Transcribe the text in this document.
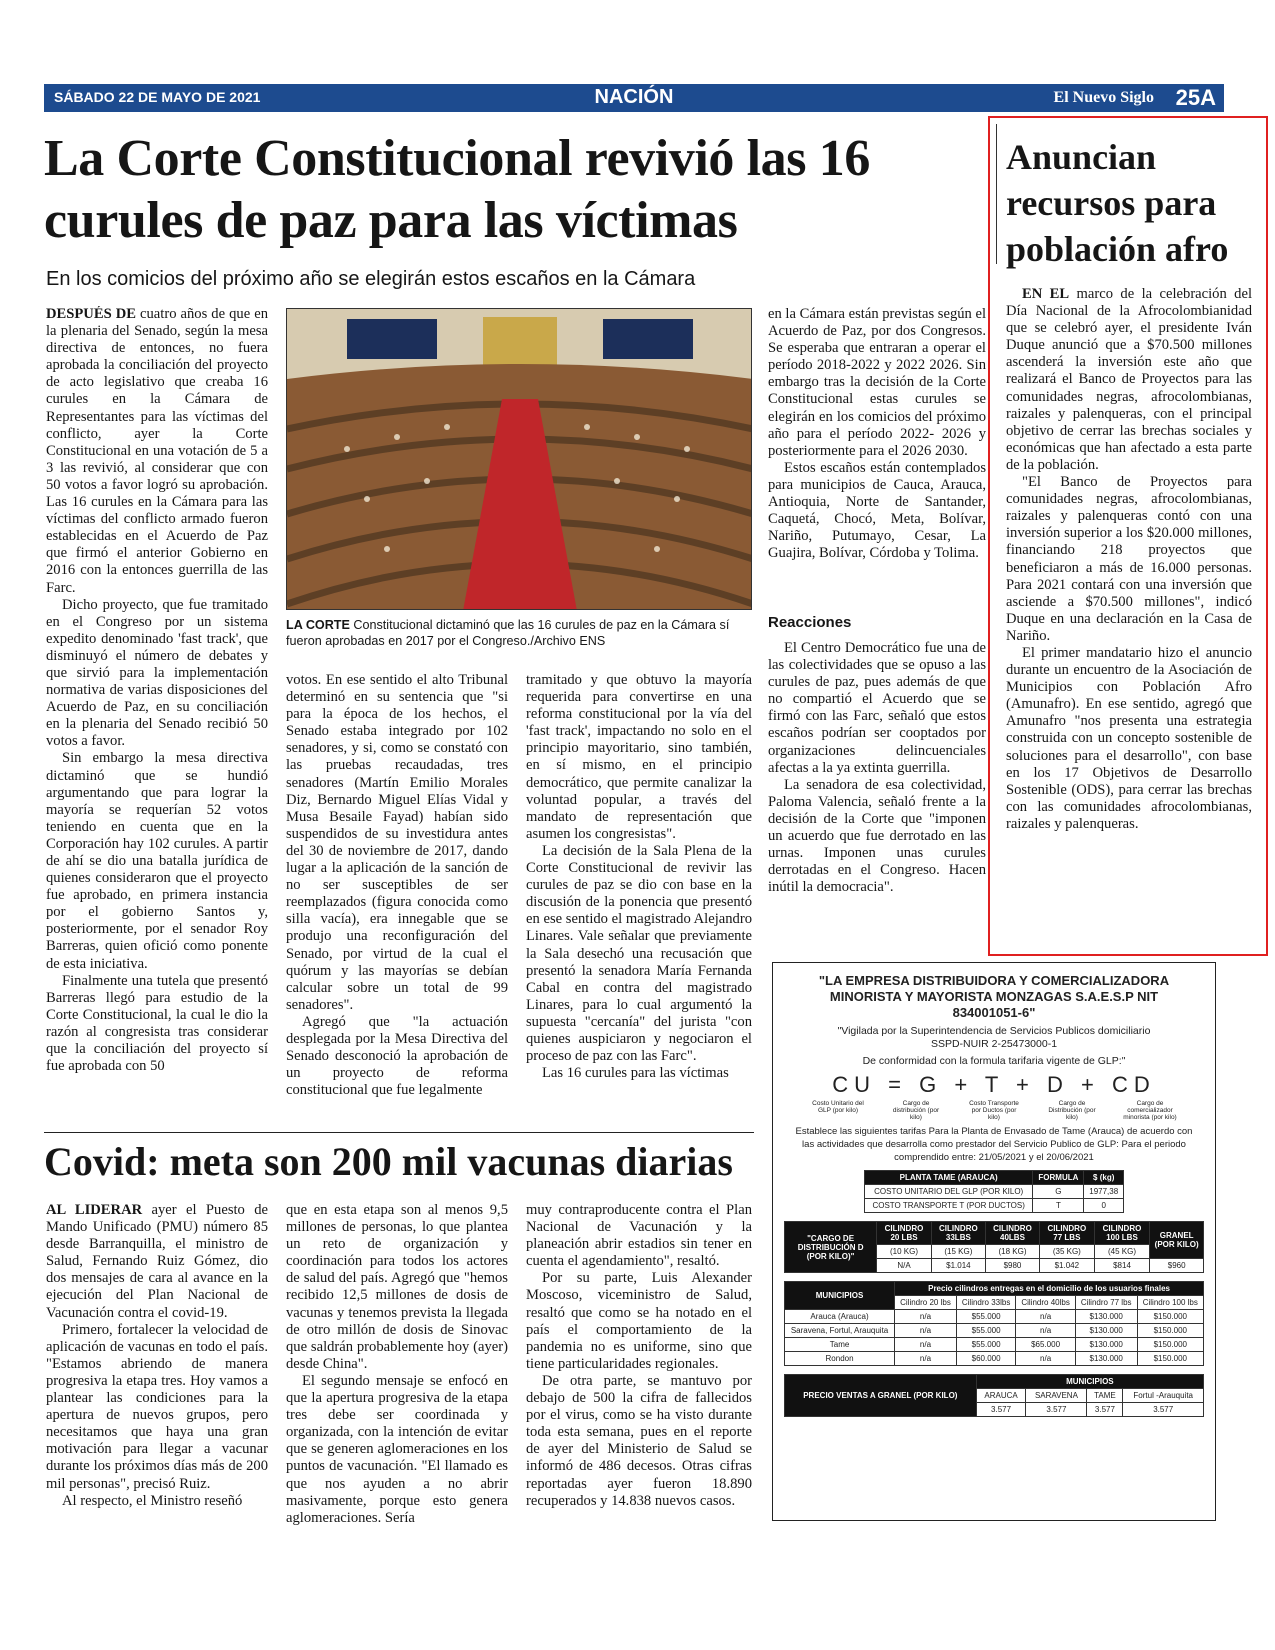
SÁBADO 22 DE MAYO DE 2021	NACIÓN	El Nuevo Siglo 25A
La Corte Constitucional revivió las 16 curules de paz para las víctimas
En los comicios del próximo año se elegirán estos escaños en la Cámara

DESPUÉS DE cuatro años de que en la plenaria del Senado, según la mesa directiva de entonces, no fuera aprobada la conciliación del proyecto de acto legislativo que creaba 16 curules en la Cámara de Representantes para las víctimas del conflicto, ayer la Corte Constitucional en una votación de 5 a 3 las revivió, al considerar que con 50 votos a favor logró su aprobación. Las 16 curules en la Cámara para las víctimas del conflicto armado fueron establecidas en el Acuerdo de Paz que firmó el anterior Gobierno en 2016 con la entonces guerrilla de las Farc.

Dicho proyecto, que fue tramitado en el Congreso por un sistema expedito denominado 'fast track', que disminuyó el número de debates y que sirvió para la implementación normativa de varias disposiciones del Acuerdo de Paz, en su conciliación en la plenaria del Senado recibió 50 votos a favor.

Sin embargo la mesa directiva dictaminó que se hundió argumentando que para lograr la mayoría se requerían 52 votos teniendo en cuenta que en la Corporación hay 102 curules. A partir de ahí se dio una batalla jurídica de quienes consideraron que el proyecto fue aprobado, en primera instancia por el gobierno Santos y, posteriormente, por el senador Roy Barreras, quien ofició como ponente de esta iniciativa.

Finalmente una tutela que presentó Barreras llegó para estudio de la Corte Constitucional, la cual le dio la razón al congresista tras considerar que la conciliación del proyecto sí fue aprobada con 50

LA CORTE Constitucional dictaminó que las 16 curules de paz en la Cámara sí fueron aprobadas en 2017 por el Congreso./Archivo ENS

votos. En ese sentido el alto Tribunal determinó en su sentencia que "si para la época de los hechos, el Senado estaba integrado por 102 senadores, y si, como se constató con las pruebas recaudadas, tres senadores (Martín Emilio Morales Diz, Bernardo Miguel Elías Vidal y Musa Besaile Fayad) habían sido suspendidos de su investidura antes del 30 de noviembre de 2017, dando lugar a la aplicación de la sanción de no ser susceptibles de ser reemplazados (figura conocida como silla vacía), era innegable que se produjo una reconfiguración del Senado, por virtud de la cual el quórum y las mayorías se debían calcular sobre un total de 99 senadores".

Agregó que "la actuación desplegada por la Mesa Directiva del Senado desconoció la aprobación de un proyecto de reforma constitucional que fue legalmente

tramitado y que obtuvo la mayoría requerida para convertirse en una reforma constitucional por la vía del 'fast track', impactando no solo en el principio mayoritario, sino también, en sí mismo, en el principio democrático, que permite canalizar la voluntad popular, a través del mandato de representación que asumen los congresistas".

La decisión de la Sala Plena de la Corte Constitucional de revivir las curules de paz se dio con base en la discusión de la ponencia que presentó en ese sentido el magistrado Alejandro Linares. Vale señalar que previamente la Sala desechó una recusación que presentó la senadora María Fernanda Cabal en contra del magistrado Linares, para lo cual argumentó la supuesta "cercanía" del jurista "con quienes auspiciaron y negociaron el proceso de paz con las Farc".

Las 16 curules para las víctimas

en la Cámara están previstas según el Acuerdo de Paz, por dos Congresos. Se esperaba que entraran a operar el período 2018-2022 y 2022 2026. Sin embargo tras la decisión de la Corte Constitucional estas curules se elegirán en los comicios del próximo año para el período 2022- 2026 y posteriormente para el 2026 2030.

Estos escaños están contemplados para municipios de Cauca, Arauca, Antioquia, Norte de Santander, Caquetá, Chocó, Meta, Bolívar, Nariño, Putumayo, Cesar, La Guajira, Bolívar, Córdoba y Tolima.

Reacciones

El Centro Democrático fue una de las colectividades que se opuso a las curules de paz, pues además de que no compartió el Acuerdo que se firmó con las Farc, señaló que estos escaños podrían ser cooptados por organizaciones delincuenciales afectas a la ya extinta guerrilla.

La senadora de esa colectividad, Paloma Valencia, señaló frente a la decisión de la Corte que "imponen un acuerdo que fue derrotado en las urnas. Imponen unas curules derrotadas en el Congreso. Hacen inútil la democracia".

Covid: meta son 200 mil vacunas diarias

AL LIDERAR ayer el Puesto de Mando Unificado (PMU) número 85 desde Barranquilla, el ministro de Salud, Fernando Ruiz Gómez, dio dos mensajes de cara al avance en la ejecución del Plan Nacional de Vacunación contra el covid-19.

Primero, fortalecer la velocidad de aplicación de vacunas en todo el país. "Estamos abriendo de manera progresiva la etapa tres. Hoy vamos a plantear las condiciones para la apertura de nuevos grupos, pero necesitamos que haya una gran motivación para llegar a vacunar durante los próximos días más de 200 mil personas", precisó Ruiz.

Al respecto, el Ministro reseñó

que en esta etapa son al menos 9,5 millones de personas, lo que plantea un reto de organización y coordinación para todos los actores de salud del país. Agregó que "hemos recibido 12,5 millones de dosis de vacunas y tenemos prevista la llegada de otro millón de dosis de Sinovac que saldrán probablemente hoy (ayer) desde China".

El segundo mensaje se enfocó en que la apertura progresiva de la etapa tres debe ser coordinada y organizada, con la intención de evitar que se generen aglomeraciones en los puntos de vacunación. "El llamado es que nos ayuden a no abrir masivamente, porque esto genera aglomeraciones. Sería

muy contraproducente contra el Plan Nacional de Vacunación y la planeación abrir estadios sin tener en cuenta el agendamiento", resaltó.

Por su parte, Luis Alexander Moscoso, viceministro de Salud, resaltó que como se ha notado en el país el comportamiento de la pandemia no es uniforme, sino que tiene particularidades regionales.

De otra parte, se mantuvo por debajo de 500 la cifra de fallecidos por el virus, como se ha visto durante toda esta semana, pues en el reporte de ayer del Ministerio de Salud se informó de 486 decesos. Otras cifras reportadas ayer fueron 18.890 recuperados y 14.838 nuevos casos.

Anuncian recursos para población afro

EN EL marco de la celebración del Día Nacional de la Afrocolombianidad que se celebró ayer, el presidente Iván Duque anunció que a $70.500 millones ascenderá la inversión este año que realizará el Banco de Proyectos para las comunidades negras, afrocolombianas, raizales y palenqueras, con el principal objetivo de cerrar las brechas sociales y económicas que han afectado a esta parte de la población.

"El Banco de Proyectos para comunidades negras, afrocolombianas, raizales y palenqueras contó con una inversión superior a los $20.000 millones, financiando 218 proyectos que beneficiaron a más de 16.000 personas. Para 2021 contará con una inversión que asciende a $70.500 millones", indicó Duque en una declaración en la Casa de Nariño.

El primer mandatario hizo el anuncio durante un encuentro de la Asociación de Municipios con Población Afro (Amunafro). En ese sentido, agregó que Amunafro "nos presenta una estrategia construida con un concepto sostenible de soluciones para el desarrollo", con base en los 17 Objetivos de Desarrollo Sostenible (ODS), para cerrar las brechas con las comunidades afrocolombianas, raizales y palenqueras.

"LA EMPRESA DISTRIBUIDORA Y COMERCIALIZADORA MINORISTA Y MAYORISTA MONZAGAS S.A.E.S.P NIT 834001051-6"
"Vigilada por la Superintendencia de Servicios Publicos domiciliario SSPD-NUIR 2-25473000-1
De conformidad con la formula tarifaria vigente de GLP:"
CU = G + T + D + CD
Costo Unitario del GLP (por kilo)
Cargo de distribución (por kilo)
Costo Transporte por Ductos (por kilo)
Cargo de Distribución (por kilo)
Cargo de comercializador minorista (por kilo)
Establece las siguientes tarifas Para la Planta de Envasado de Tame (Arauca) de acuerdo con las actividades que desarrolla como prestador del Servicio Publico de GLP: Para el periodo comprendido entre: 21/05/2021 y el 20/06/2021
PLANTA TAME (ARAUCA)	FORMULA	$ (kg)
COSTO UNITARIO DEL GLP (POR KILO)	G	1977,38
COSTO TRANSPORTE T (POR DUCTOS)	T	0
"CARGO DE DISTRIBUCIÓN D (POR KILO)"	CILINDRO 20 LBS	CILINDRO 33LBS	CILINDRO 40LBS	CILINDRO 77 LBS	CILINDRO 100 LBS	GRANEL (POR KILO)
	(10 KG)	(15 KG)	(18 KG)	(35 KG)	(45 KG)	
	N/A	$1.014	$980	$1.042	$814	$960
MUNICIPIOS	Precio cilindros entregas en el domicilio de los usuarios finales				
	Cilindro 20 lbs	Cilindro 33lbs	Cilindro 40lbs	Cilindro 77 lbs	Cilindro 100 lbs
Arauca (Arauca)	n/a	$55.000	n/a	$130.000	$150.000
Saravena, Fortul, Arauquita	n/a	$55.000	n/a	$130.000	$150.000
Tame	n/a	$55.000	$65.000	$130.000	$150.000
Rondon	n/a	$60.000	n/a	$130.000	$150.000
PRECIO VENTAS A GRANEL (POR KILO)	MUNICIPIOS			
	ARAUCA	SARAVENA	TAME	Fortul -Arauquita
	3.577	3.577	3.577	3.577
